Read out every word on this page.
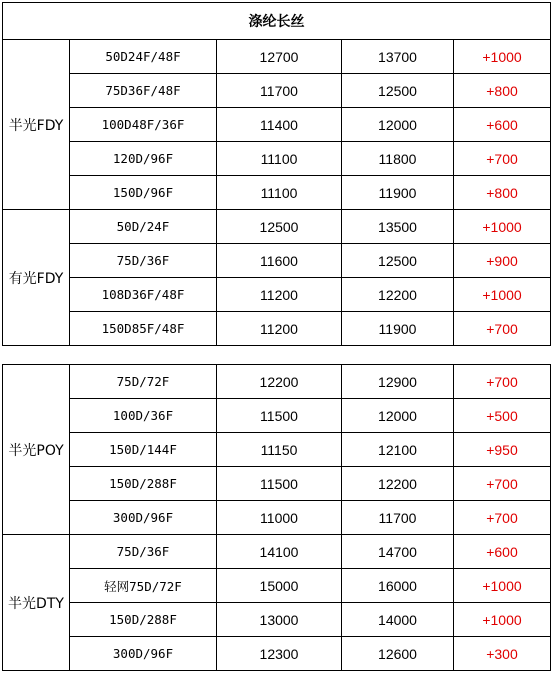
涤纶长丝				
半光FDY	50D24F/48F	12700	13700	+1000
	75D36F/48F	11700	12500	+800
	100D48F/36F	11400	12000	+600
	120D/96F	11100	11800	+700
	150D/96F	11100	11900	+800
有光FDY	50D/24F	12500	13500	+1000
	75D/36F	11600	12500	+900
	108D36F/48F	11200	12200	+1000
	150D85F/48F	11200	11900	+700
半光POY	75D/72F	12200	12900	+700
	100D/36F	11500	12000	+500
	150D/144F	11150	12100	+950
	150D/288F	11500	12200	+700
	300D/96F	11000	11700	+700
半光DTY	75D/36F	14100	14700	+600
	轻网75D/72F	15000	16000	+1000
	150D/288F	13000	14000	+1000
	300D/96F	12300	12600	+300
